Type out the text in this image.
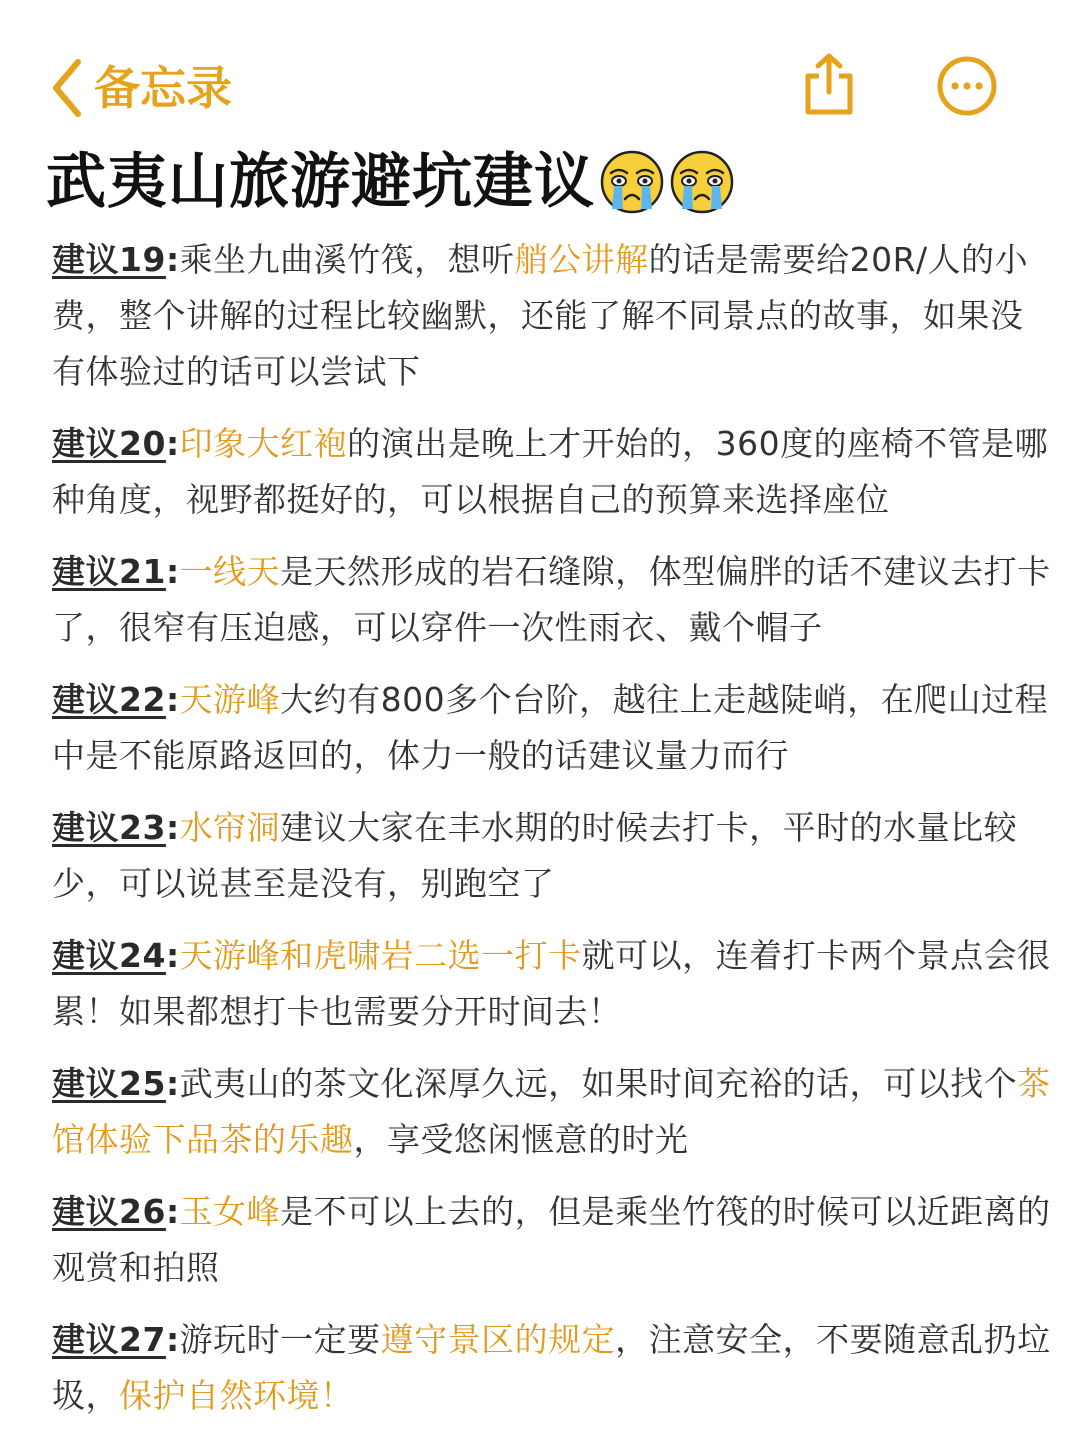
备忘录
武夷山旅游避坑建议

建议19:乘坐九曲溪竹筏，想听艄公讲解的话是需要给20R/人的小费，整个讲解的过程比较幽默，还能了解不同景点的故事，如果没有体验过的话可以尝试下

建议20:印象大红袍的演出是晚上才开始的，360度的座椅不管是哪种角度，视野都挺好的，可以根据自己的预算来选择座位

建议21:一线天是天然形成的岩石缝隙，体型偏胖的话不建议去打卡了，很窄有压迫感，可以穿件一次性雨衣、戴个帽子

建议22:天游峰大约有800多个台阶，越往上走越陡峭，在爬山过程中是不能原路返回的，体力一般的话建议量力而行

建议23:水帘洞建议大家在丰水期的时候去打卡，平时的水量比较少，可以说甚至是没有，别跑空了

建议24:天游峰和虎啸岩二选一打卡就可以，连着打卡两个景点会很累！如果都想打卡也需要分开时间去！

建议25:武夷山的茶文化深厚久远，如果时间充裕的话，可以找个茶馆体验下品茶的乐趣，享受悠闲惬意的时光

建议26:玉女峰是不可以上去的，但是乘坐竹筏的时候可以近距离的观赏和拍照

建议27:游玩时一定要遵守景区的规定，注意安全，不要随意乱扔垃圾，保护自然环境！
